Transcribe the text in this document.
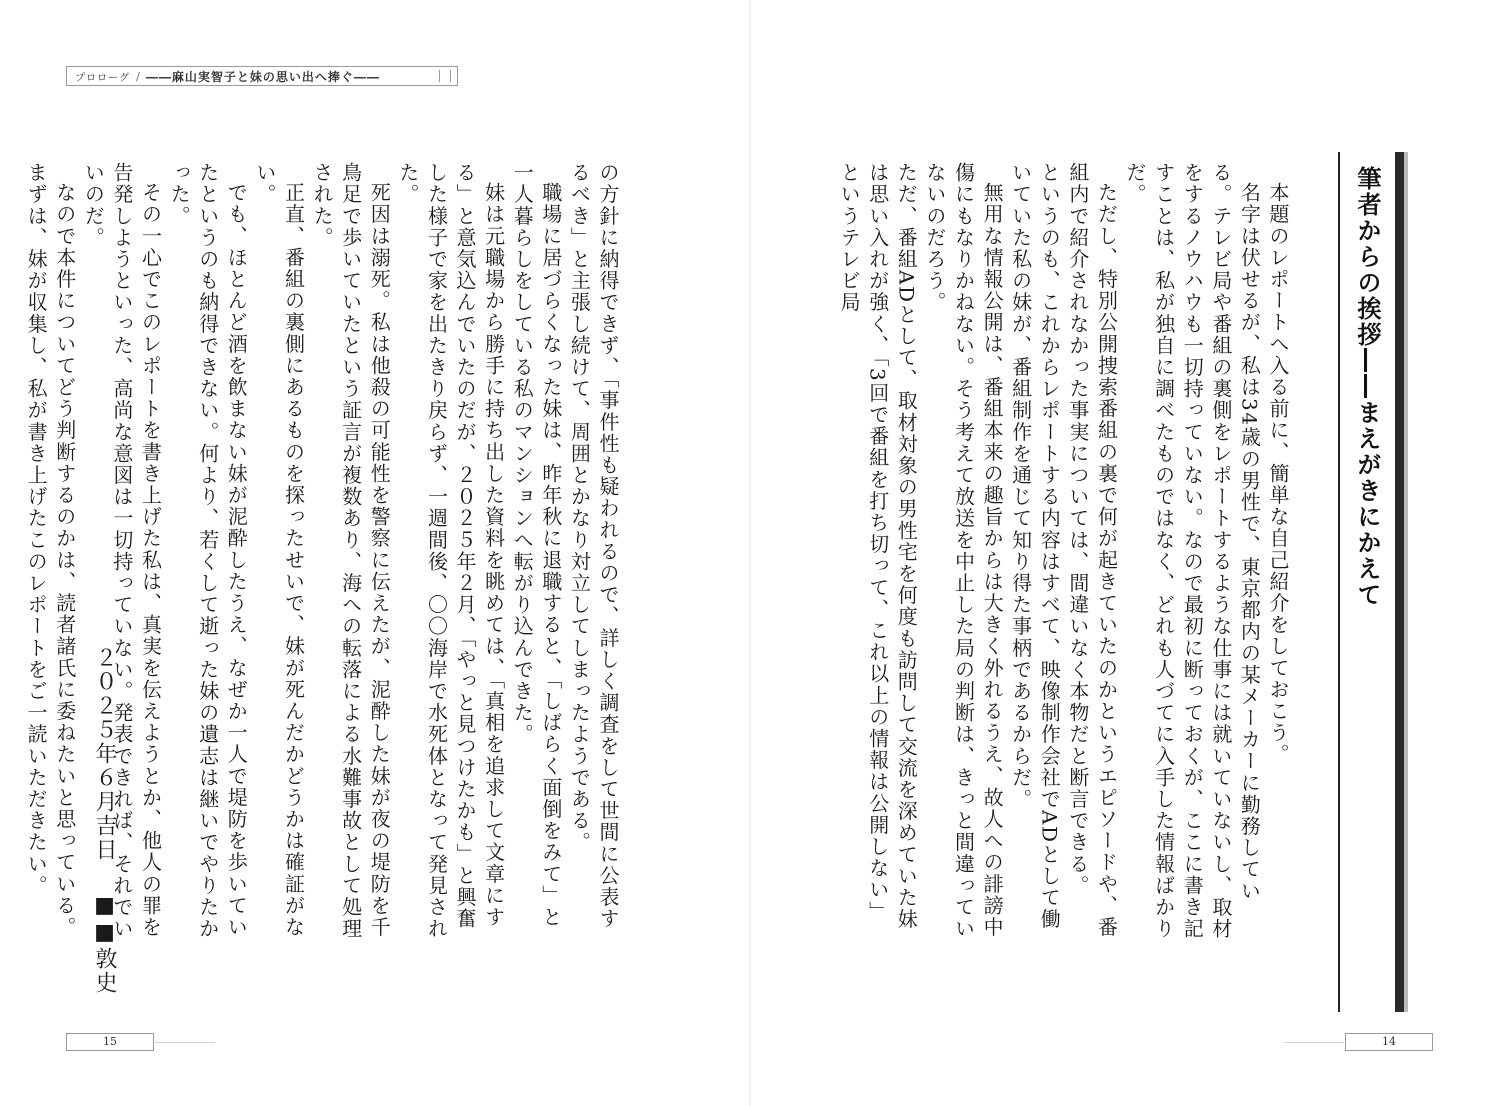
プロローグ / ――麻山実智子と妹の思い出へ捧ぐ――

の方針に納得できず、「事件性も疑われるので、詳しく調査をして世間に公表するべき」と主張し続けて、周囲とかなり対立してしまったようである。

職場に居づらくなった妹は、昨年秋に退職すると、「しばらく面倒をみて」と一人暮らしをしている私のマンションへ転がり込んできた。

妹は元職場から勝手に持ち出した資料を眺めては、「真相を追求して文章にする」と意気込んでいたのだが、２０２５年２月、「やっと見つけたかも」と興奮した様子で家を出たきり戻らず、一週間後、〇〇海岸で水死体となって発見された。

死因は溺死。私は他殺の可能性を警察に伝えたが、泥酔した妹が夜の堤防を千鳥足で歩いていたという証言が複数あり、海への転落による水難事故として処理された。

正直、番組の裏側にあるものを探ったせいで、妹が死んだかどうかは確証がない。

でも、ほとんど酒を飲まない妹が泥酔したうえ、なぜか一人で堤防を歩いていたというのも納得できない。何より、若くして逝った妹の遺志は継いでやりたかった。

その一心でこのレポートを書き上げた私は、真実を伝えようとか、他人の罪を告発しようといった、高尚な意図は一切持っていない。発表できれば、それでいいのだ。

なので本件についてどう判断するのかは、読者諸氏に委ねたいと思っている。

まずは、妹が収集し、私が書き上げたこのレポートをご一読いただきたい。	２０２５年６月吉日 ■■敦史
15
筆者からの挨拶――まえがきにかえて

本題のレポートへ入る前に、簡単な自己紹介をしておこう。

名字は伏せるが、私は34歳の男性で、東京都内の某メーカーに勤務している。テレビ局や番組の裏側をレポートするような仕事には就いていないし、取材をするノウハウも一切持っていない。なので最初に断っておくが、ここに書き記すことは、私が独自に調べたものではなく、どれも人づてに入手した情報ばかりだ。

ただし、特別公開捜索番組の裏で何が起きていたのかというエピソードや、番組内で紹介されなかった事実については、間違いなく本物だと断言できる。

というのも、これからレポートする内容はすべて、映像制作会社でADとして働いていた私の妹が、番組制作を通じて知り得た事柄であるからだ。

無用な情報公開は、番組本来の趣旨からは大きく外れるうえ、故人への誹謗中傷にもなりかねない。そう考えて放送を中止した局の判断は、きっと間違っていないのだろう。

ただ、番組ADとして、取材対象の男性宅を何度も訪問して交流を深めていた妹は思い入れが強く、「3回で番組を打ち切って、これ以上の情報は公開しない」というテレビ局

14
